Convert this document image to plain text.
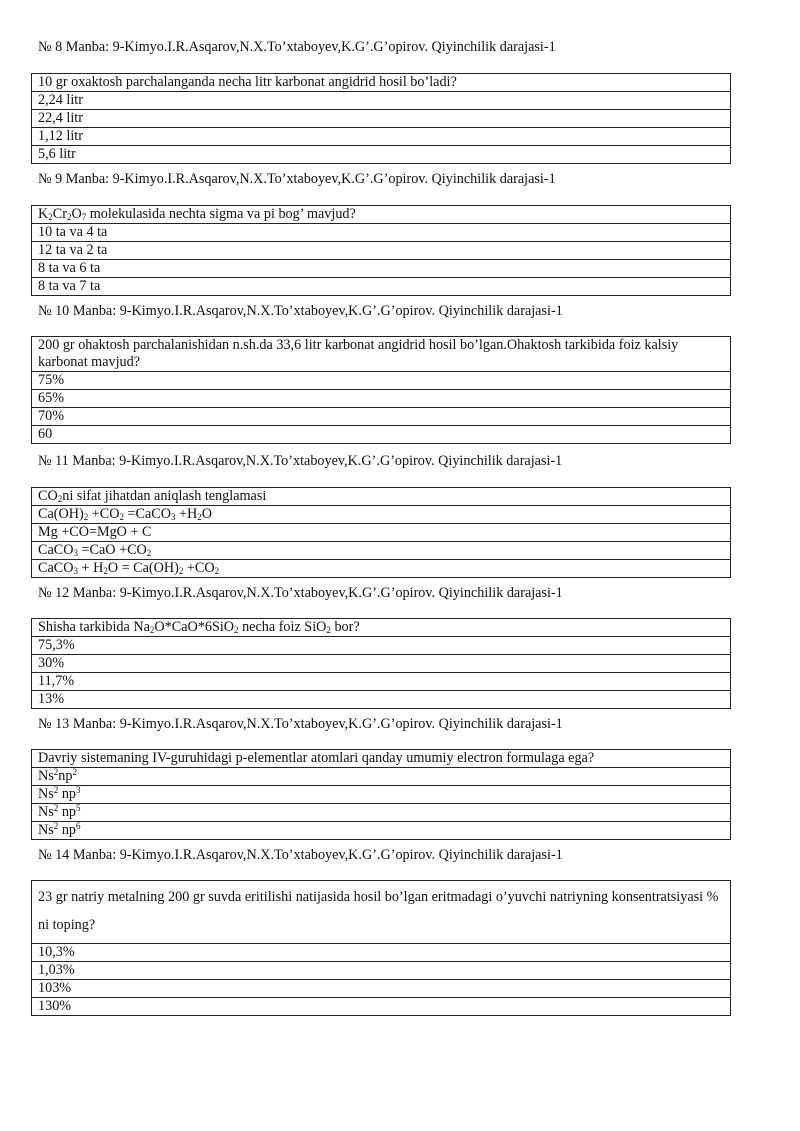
№ 8 Manba: 9-Kimyo.I.R.Asqarov,N.X.To’xtaboyev,K.G’.G’opirov. Qiyinchilik darajasi-1
10 gr oxaktosh parchalanganda necha litr karbonat angidrid hosil bo’ladi?
2,24 litr
22,4 litr
1,12 litr
5,6 litr
№ 9 Manba: 9-Kimyo.I.R.Asqarov,N.X.To’xtaboyev,K.G’.G’opirov. Qiyinchilik darajasi-1
$K_2Cr_2O_7$ molekulasida nechta sigma va pi bog’ mavjud?
10 ta va 4 ta
12 ta va 2 ta
8 ta va 6 ta
8 ta va 7 ta
№ 10 Manba: 9-Kimyo.I.R.Asqarov,N.X.To’xtaboyev,K.G’.G’opirov. Qiyinchilik darajasi-1
200 gr ohaktosh parchalanishidan n.sh.da 33,6 litr karbonat angidrid hosil bo’lgan.Ohaktosh tarkibida foiz kalsiy karbonat mavjud?
75%
65%
70%
60
№ 11 Manba: 9-Kimyo.I.R.Asqarov,N.X.To’xtaboyev,K.G’.G’opirov. Qiyinchilik darajasi-1
$CO_2ni$ sifat jihatdan aniqlash tenglamasi
$Ca(OH)_2 +CO_2$ =CaCO$_3$ $+H_2O$
Mg +CO=MgO + C
CaCO$_3$ $=CaO +CO_2$
CaCO$_3$ + $H_2O = Ca(OH)_2 +CO_2$
№ 12 Manba: 9-Kimyo.I.R.Asqarov,N.X.To’xtaboyev,K.G’.G’opirov. Qiyinchilik darajasi-1
Shisha tarkibida $Na_2O*CaO*6SiO_2$ necha foiz SiO$_2$ bor?
75,3%
30%
11,7%
13%
№ 13 Manba: 9-Kimyo.I.R.Asqarov,N.X.To’xtaboyev,K.G’.G’opirov. Qiyinchilik darajasi-1
Davriy sistemaning IV-guruhidagi p-elementlar atomlari qanday umumiy electron formulaga ega?
$Ns^2np^2$
Ns$^2$ $np^3$
Ns$^2$ $np^5$
Ns$^2$ $np^6$
№ 14 Manba: 9-Kimyo.I.R.Asqarov,N.X.To’xtaboyev,K.G’.G’opirov. Qiyinchilik darajasi-1
23 gr natriy metalning 200 gr suvda eritilishi natijasida hosil bo’lgan eritmadagi o’yuvchi natriyning konsentratsiyasi % ni toping?
10,3%
1,03%
103%
130%
